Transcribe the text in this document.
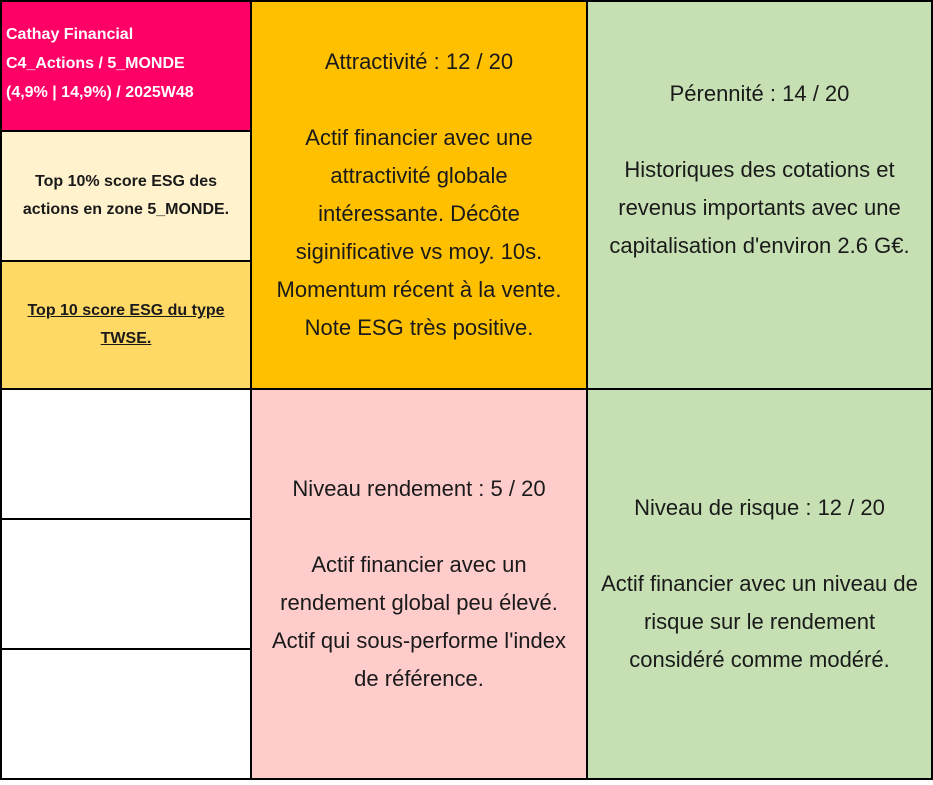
Cathay Financial
C4_Actions / 5_MONDE
(4,9% | 14,9%) / 2025W48
Top 10% score ESG des
actions en zone 5_MONDE.
Top 10 score ESG du type
TWSE.
Attractivité : 12 / 20
Actif financier avec une
attractivité globale
intéressante. Décôte
siginificative vs moy. 10s.
Momentum récent à la vente.
Note ESG très positive.
Pérennité : 14 / 20
Historiques des cotations et
revenus importants avec une
capitalisation d'environ 2.6 G€.
Niveau rendement : 5 / 20
Actif financier avec un
rendement global peu élevé.
Actif qui sous-performe l'index
de référence.
Niveau de risque : 12 / 20
Actif financier avec un niveau de
risque sur le rendement
considéré comme modéré.
